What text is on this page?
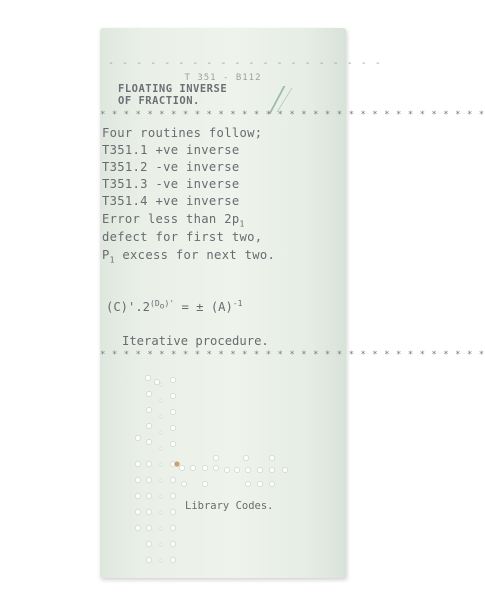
- - - - - - - - - - - - - - - - - - - -
T 351 - B112
FLOATING INVERSE
OF FRACTION.
* * * * * * * * * * * * * * * * * * * * * * * * * * * * * * * * *
Four routines follow;
T351.1 +ve inverse
T351.2 -ve inverse
T351.3 -ve inverse
T351.4 +ve inverse
Error less than $2p_1$
defect for first two,
$P_1$ excess for next two.
$(C)'.2^{(D_o)'}$ = ± $(A)^{-1}$
Iterative procedure.
* * * * * * * * * * * * * * * * * * * * * * * * * * * * * * * * *
Library Codes.
